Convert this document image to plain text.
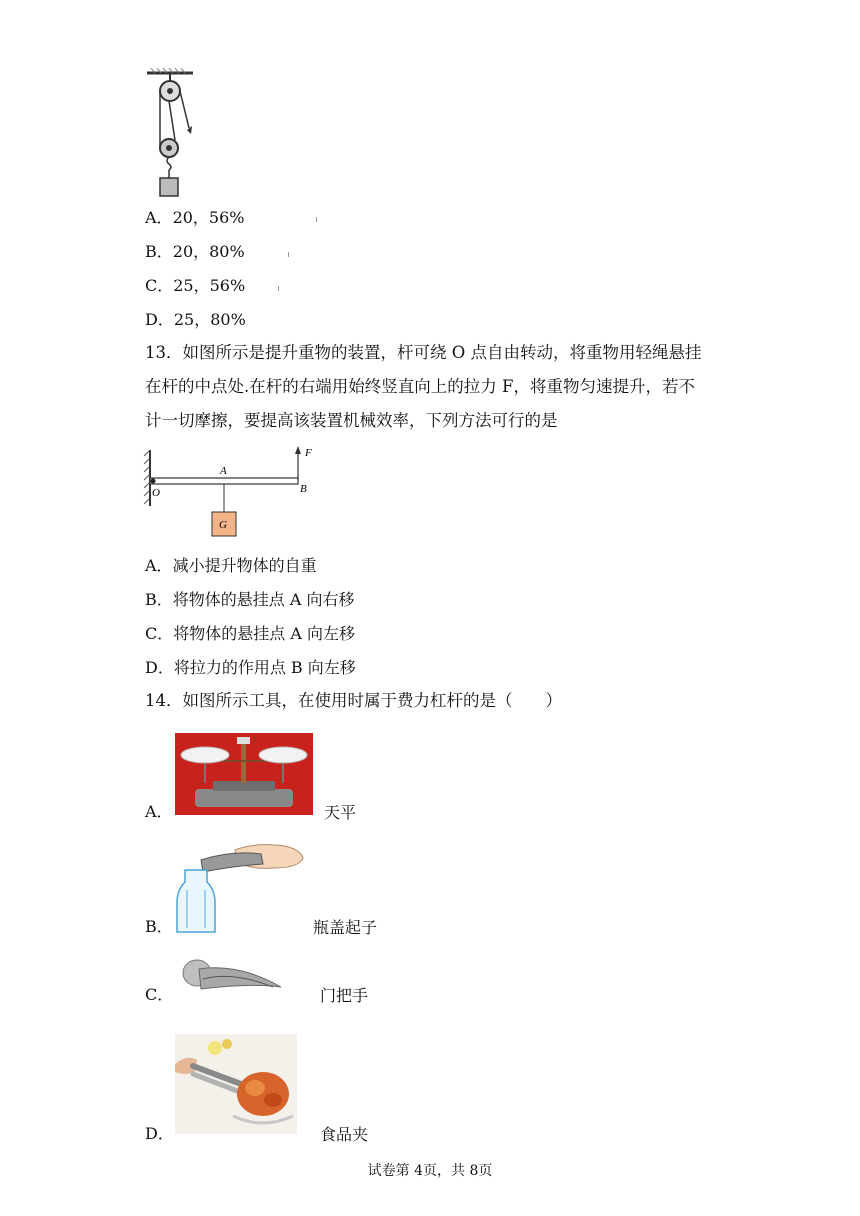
A．20，56%
B．20，80%
C．25，56%
D．25，80%
13．如图所示是提升重物的装置，杆可绕 O 点自由转动，将重物用轻绳悬挂
在杆的中点处.在杆的右端用始终竖直向上的拉力 F，将重物匀速提升，若不
计一切摩擦，要提高该装置机械效率，下列方法可行的是
F
A
O	B
G
A．减小提升物体的自重
B．将物体的悬挂点 A 向右移
C．将物体的悬挂点 A 向左移
D．将拉力的作用点 B 向左移
14．如图所示工具，在使用时属于费力杠杆的是（　　）
A．	天平
B．	瓶盖起子
C．	门把手
D．	食品夹
试卷第 4页，共 8页
